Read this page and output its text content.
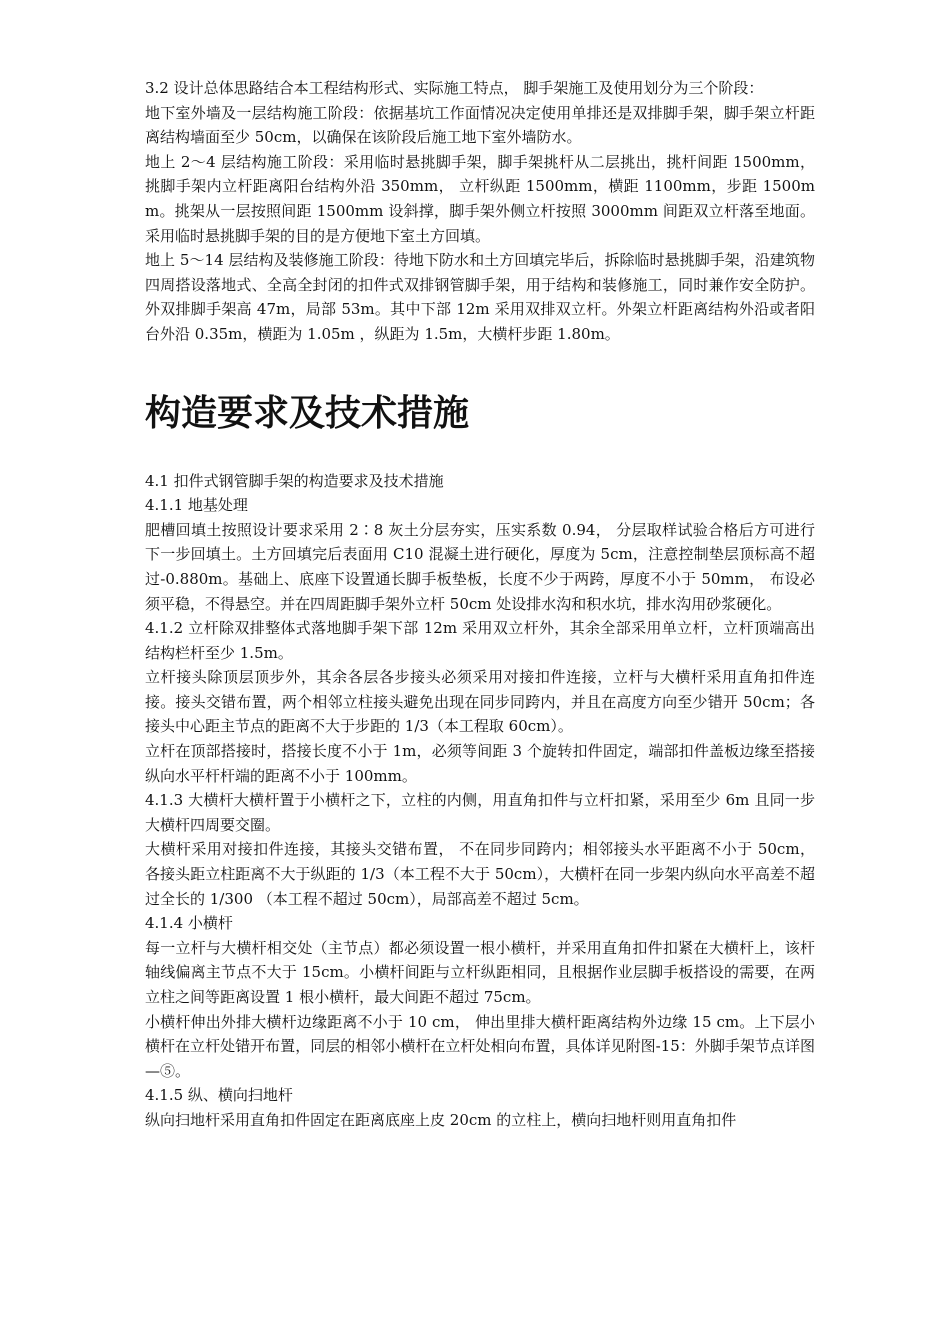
3.2 设计总体思路结合本工程结构形式、实际施工特点， 脚手架施工及使用划分为三个阶段：

地下室外墙及一层结构施工阶段：依据基坑工作面情况决定使用单排还是双排脚手架，脚手架立杆距离结构墙面至少 50cm，以确保在该阶段后施工地下室外墙防水。

地上 2～4 层结构施工阶段：采用临时悬挑脚手架，脚手架挑杆从二层挑出，挑杆间距 1500mm， 挑脚手架内立杆距离阳台结构外沿 350mm， 立杆纵距 1500mm，横距 1100mm，步距 1500mm。挑架从一层按照间距 1500mm 设斜撑，脚手架外侧立杆按照 3000mm 间距双立杆落至地面。采用临时悬挑脚手架的目的是方便地下室土方回填。

地上 5～14 层结构及装修施工阶段：待地下防水和土方回填完毕后，拆除临时悬挑脚手架，沿建筑物四周搭设落地式、全高全封闭的扣件式双排钢管脚手架，用于结构和装修施工，同时兼作安全防护。外双排脚手架高 47m，局部 53m。其中下部 12m 采用双排双立杆。外架立杆距离结构外沿或者阳台外沿 0.35m，横距为 1.05m ，纵距为 1.5m，大横杆步距 1.80m。

构造要求及技术措施

4.1 扣件式钢管脚手架的构造要求及技术措施

4.1.1 地基处理

肥槽回填土按照设计要求采用 2∶8 灰土分层夯实，压实系数 0.94， 分层取样试验合格后方可进行下一步回填土。土方回填完后表面用 C10 混凝土进行硬化，厚度为 5cm，注意控制垫层顶标高不超过-0.880m。基础上、底座下设置通长脚手板垫板，长度不少于两跨，厚度不小于 50mm， 布设必须平稳，不得悬空。并在四周距脚手架外立杆 50cm 处设排水沟和积水坑，排水沟用砂浆硬化。

4.1.2 立杆除双排整体式落地脚手架下部 12m 采用双立杆外，其余全部采用单立杆，立杆顶端高出结构栏杆至少 1.5m。

立杆接头除顶层顶步外，其余各层各步接头必须采用对接扣件连接，立杆与大横杆采用直角扣件连接。接头交错布置，两个相邻立柱接头避免出现在同步同跨内，并且在高度方向至少错开 50cm；各接头中心距主节点的距离不大于步距的 1/3（本工程取 60cm）。

立杆在顶部搭接时，搭接长度不小于 1m，必须等间距 3 个旋转扣件固定，端部扣件盖板边缘至搭接纵向水平杆杆端的距离不小于 100mm。

4.1.3 大横杆大横杆置于小横杆之下，立柱的内侧，用直角扣件与立杆扣紧，采用至少 6m 且同一步大横杆四周要交圈。

大横杆采用对接扣件连接，其接头交错布置， 不在同步同跨内；相邻接头水平距离不小于 50cm， 各接头距立柱距离不大于纵距的 1/3（本工程不大于 50cm），大横杆在同一步架内纵向水平高差不超过全长的 1/300 （本工程不超过 50cm），局部高差不超过 5cm。

4.1.4 小横杆

每一立杆与大横杆相交处（主节点）都必须设置一根小横杆，并采用直角扣件扣紧在大横杆上，该杆轴线偏离主节点不大于 15cm。小横杆间距与立杆纵距相同，且根据作业层脚手板搭设的需要，在两立柱之间等距离设置 1 根小横杆，最大间距不超过 75cm。

小横杆伸出外排大横杆边缘距离不小于 10 cm， 伸出里排大横杆距离结构外边缘 15 cm。上下层小横杆在立杆处错开布置，同层的相邻小横杆在立杆处相向布置，具体详见附图-15：外脚手架节点详图—⑤。

4.1.5 纵、横向扫地杆

纵向扫地杆采用直角扣件固定在距离底座上皮 20cm 的立柱上，横向扫地杆则用直角扣件
